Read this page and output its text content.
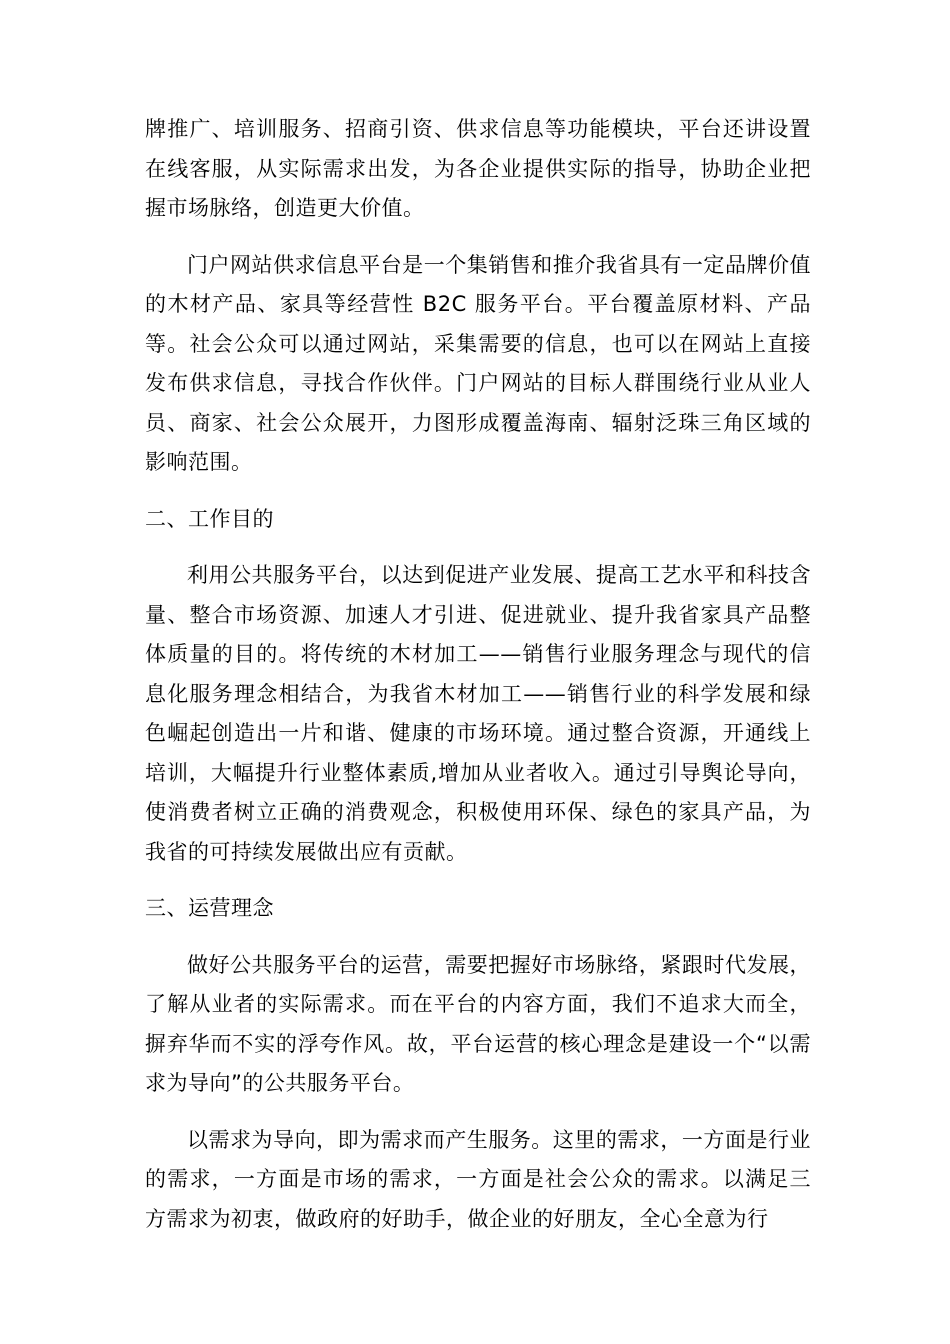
牌推广、培训服务、招商引资、供求信息等功能模块，平台还讲设置在线客服，从实际需求出发，为各企业提供实际的指导，协助企业把握市场脉络，创造更大价值。

门户网站供求信息平台是一个集销售和推介我省具有一定品牌价值的木材产品、家具等经营性 B2C 服务平台。平台覆盖原材料、产品等。社会公众可以通过网站，采集需要的信息，也可以在网站上直接发布供求信息，寻找合作伙伴。门户网站的目标人群围绕行业从业人员、商家、社会公众展开，力图形成覆盖海南、辐射泛珠三角区域的影响范围。

二、工作目的

利用公共服务平台，以达到促进产业发展、提高工艺水平和科技含量、整合市场资源、加速人才引进、促进就业、提升我省家具产品整体质量的目的。将传统的木材加工——销售行业服务理念与现代的信息化服务理念相结合，为我省木材加工——销售行业的科学发展和绿色崛起创造出一片和谐、健康的市场环境。通过整合资源，开通线上培训，大幅提升行业整体素质,增加从业者收入。通过引导舆论导向，使消费者树立正确的消费观念，积极使用环保、绿色的家具产品，为我省的可持续发展做出应有贡献。

三、运营理念

做好公共服务平台的运营，需要把握好市场脉络，紧跟时代发展，了解从业者的实际需求。而在平台的内容方面，我们不追求大而全，摒弃华而不实的浮夸作风。故，平台运营的核心理念是建设一个“以需求为导向”的公共服务平台。

以需求为导向，即为需求而产生服务。这里的需求，一方面是行业的需求，一方面是市场的需求，一方面是社会公众的需求。以满足三方需求为初衷，做政府的好助手，做企业的好朋友，全心全意为行
